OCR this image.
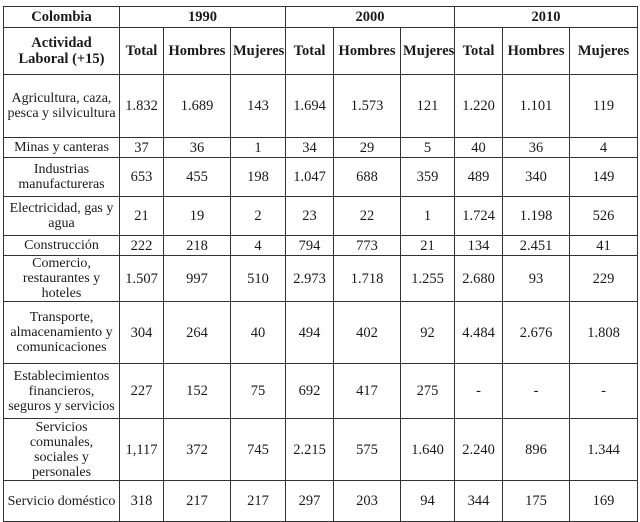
Colombia	1990			2000			2010		
Actividad Laboral (+15)	Total	Hombres	Mujeres	Total	Hombres	Mujeres	Total	Hombres	Mujeres
Agricultura, caza, pesca y silvicultura	1.832	1.689	143	1.694	1.573	121	1.220	1.101	119
Minas y canteras	37	36	1	34	29	5	40	36	4
Industrias manufactureras	653	455	198	1.047	688	359	489	340	149
Electricidad, gas y agua	21	19	2	23	22	1	1.724	1.198	526
Construcción	222	218	4	794	773	21	134	2.451	41
Comercio, restaurantes y hoteles	1.507	997	510	2.973	1.718	1.255	2.680	93	229
Transporte, almacenamiento y comunicaciones	304	264	40	494	402	92	4.484	2.676	1.808
Establecimientos financieros, seguros y servicios	227	152	75	692	417	275	-	-	-
Servicios comunales, sociales y personales	1,117	372	745	2.215	575	1.640	2.240	896	1.344
Servicio doméstico	318	217	217	297	203	94	344	175	169
